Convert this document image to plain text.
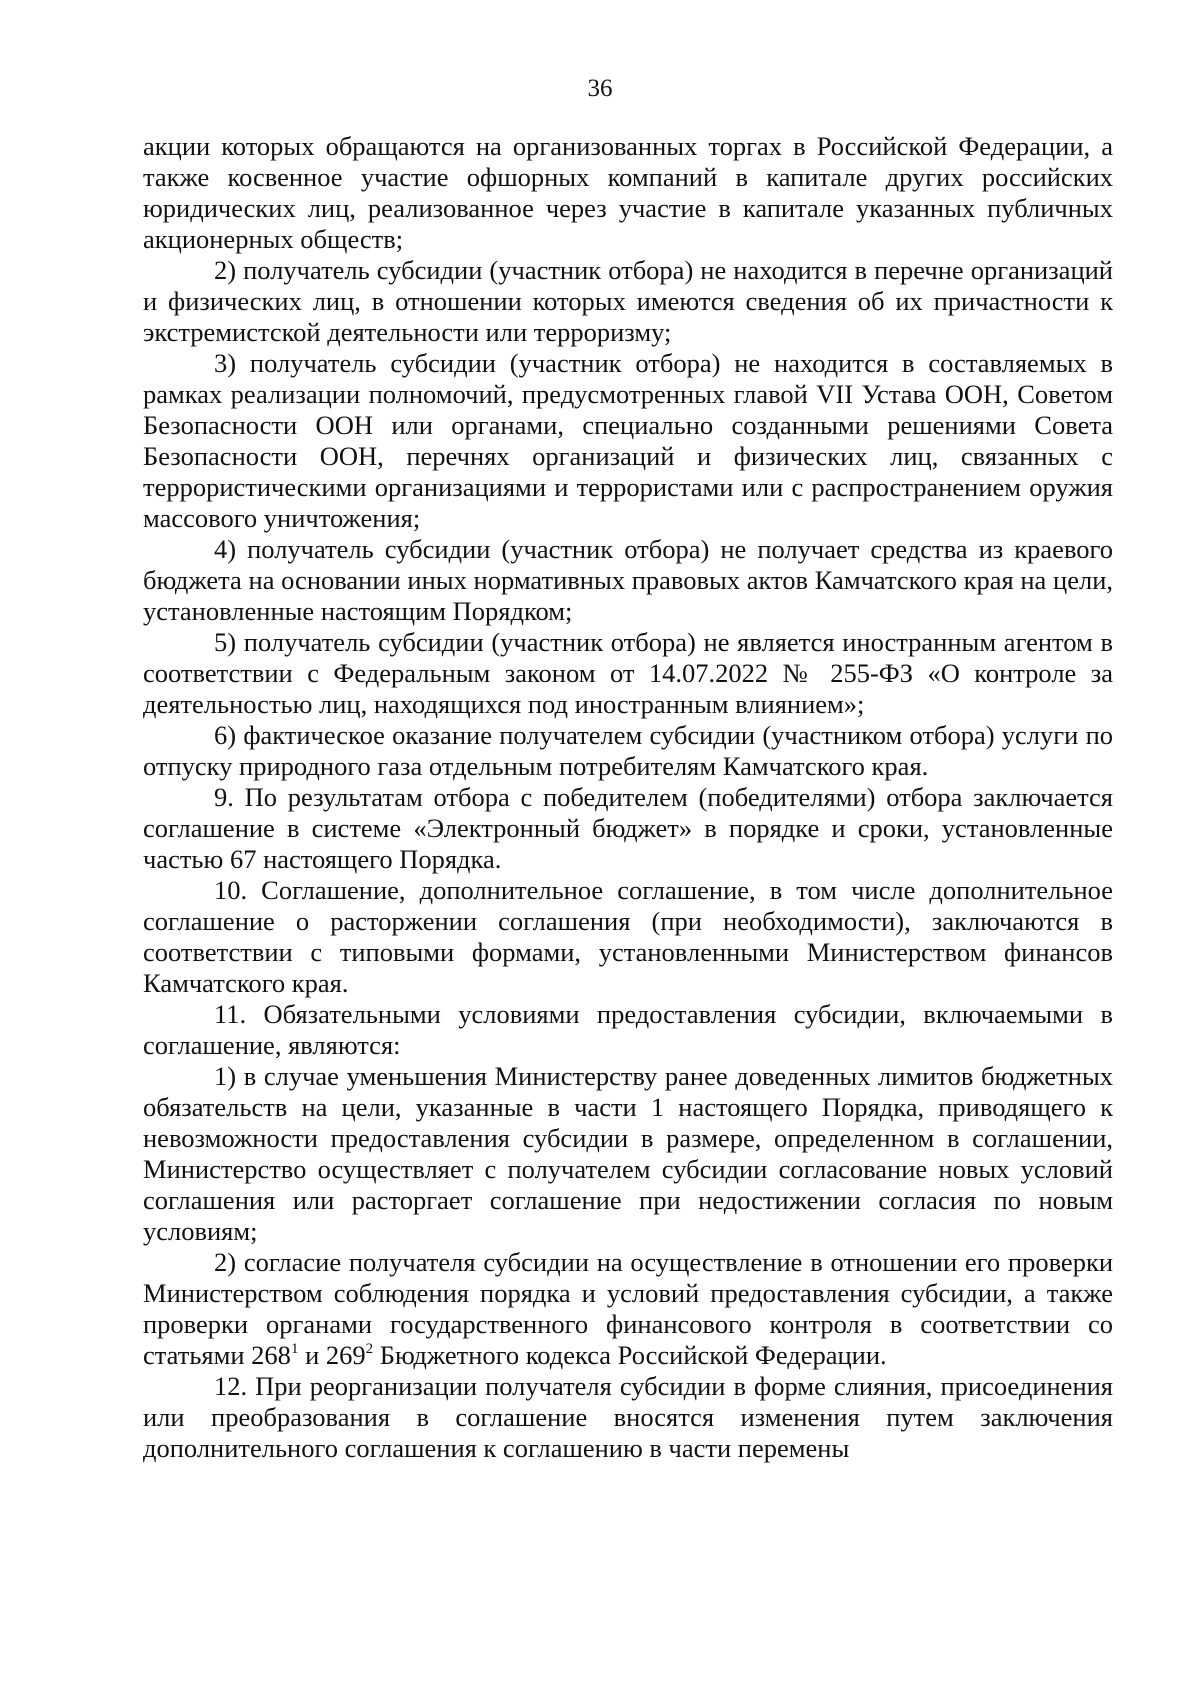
36

акции которых обращаются на организованных торгах в Российской Федерации, а также косвенное участие офшорных компаний в капитале других российских юридических лиц, реализованное через участие в капитале указанных публичных акционерных обществ;

2) получатель субсидии (участник отбора) не находится в перечне организаций и физических лиц, в отношении которых имеются сведения об их причастности к экстремистской деятельности или терроризму;

3) получатель субсидии (участник отбора) не находится в составляемых в рамках реализации полномочий, предусмотренных главой VII Устава ООН, Советом Безопасности ООН или органами, специально созданными решениями Совета Безопасности ООН, перечнях организаций и физических лиц, связанных с террористическими организациями и террористами или с распространением оружия массового уничтожения;

4) получатель субсидии (участник отбора) не получает средства из краевого бюджета на основании иных нормативных правовых актов Камчатского края на цели, установленные настоящим Порядком;

5) получатель субсидии (участник отбора) не является иностранным агентом в соответствии с Федеральным законом от 14.07.2022 № 255-ФЗ «О контроле за деятельностью лиц, находящихся под иностранным влиянием»;

6) фактическое оказание получателем субсидии (участником отбора) услуги по отпуску природного газа отдельным потребителям Камчатского края.

9. По результатам отбора с победителем (победителями) отбора заключается соглашение в системе «Электронный бюджет» в порядке и сроки, установленные частью 67 настоящего Порядка.

10. Соглашение, дополнительное соглашение, в том числе дополнительное соглашение о расторжении соглашения (при необходимости), заключаются в соответствии с типовыми формами, установленными Министерством финансов Камчатского края.

11. Обязательными условиями предоставления субсидии, включаемыми в соглашение, являются:

1) в случае уменьшения Министерству ранее доведенных лимитов бюджетных обязательств на цели, указанные в части 1 настоящего Порядка, приводящего к невозможности предоставления субсидии в размере, определенном в соглашении, Министерство осуществляет с получателем субсидии согласование новых условий соглашения или расторгает соглашение при недостижении согласия по новым условиям;

2) согласие получателя субсидии на осуществление в отношении его проверки Министерством соблюдения порядка и условий предоставления субсидии, а также проверки органами государственного финансового контроля в соответствии со статьями $268^1$ и $269^2$ Бюджетного кодекса Российской Федерации.

12. При реорганизации получателя субсидии в форме слияния, присоединения или преобразования в соглашение вносятся изменения путем заключения дополнительного соглашения к соглашению в части перемены
